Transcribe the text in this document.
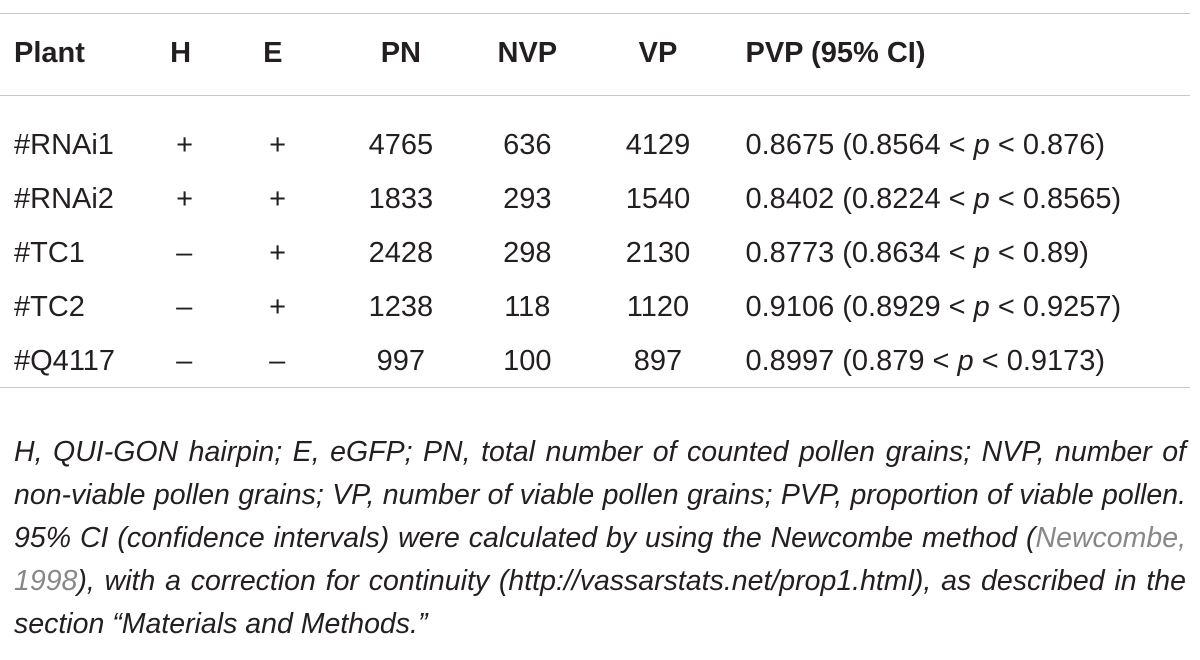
Plant	H	E	PN	NVP	VP	PVP (95% CI)
#RNAi1	+	+	4765	636	4129	0.8675 (0.8564 < p < 0.876)
#RNAi2	+	+	1833	293	1540	0.8402 (0.8224 < p < 0.8565)
#TC1	–	+	2428	298	2130	0.8773 (0.8634 < p < 0.89)
#TC2	–	+	1238	118	1120	0.9106 (0.8929 < p < 0.9257)
#Q4117	–	–	997	100	897	0.8997 (0.879 < p < 0.9173)

H, QUI-GON hairpin; E, eGFP; PN, total number of counted pollen grains; NVP, number of non-viable pollen grains; VP, number of viable pollen grains; PVP, proportion of viable pollen. 95% CI (confidence intervals) were calculated by using the Newcombe method (Newcombe, 1998), with a correction for continuity (http://vassarstats.net/prop1.html), as described in the section “Materials and Methods.”
